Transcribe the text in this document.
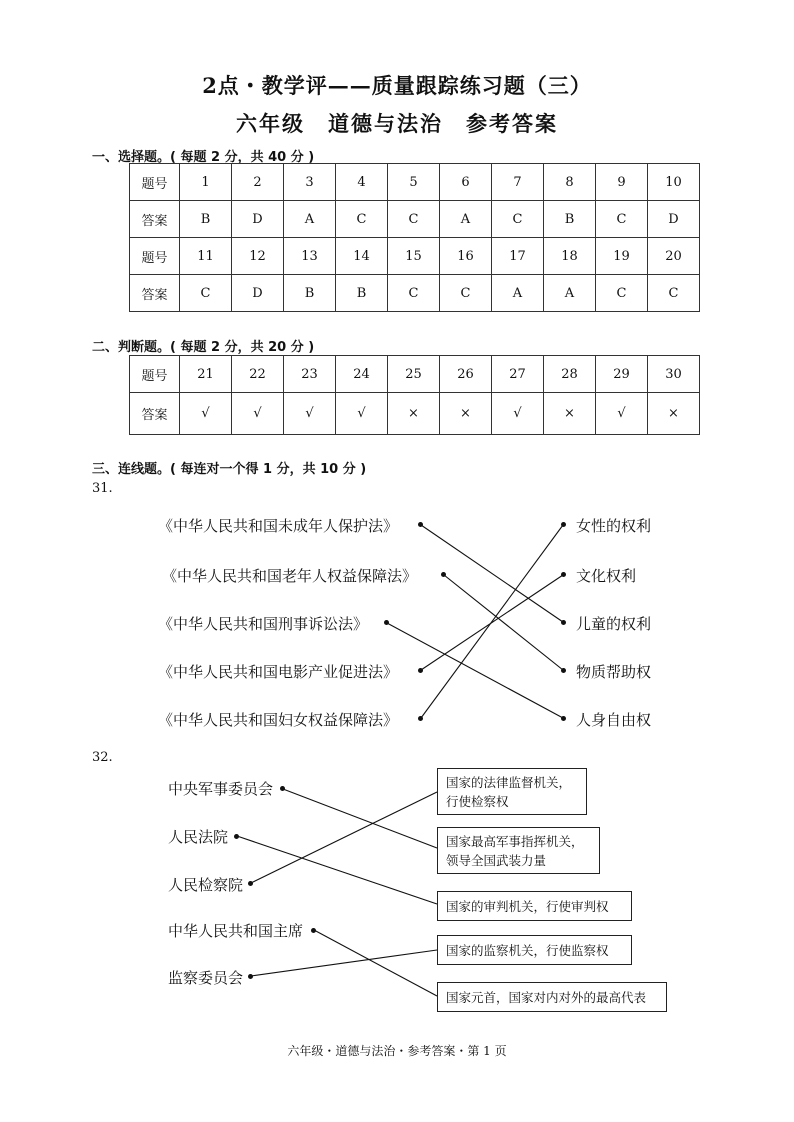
2点・教学评——质量跟踪练习题（三）
六年级　道德与法治　参考答案
一、选择题。( 每题 2 分，共 40 分 )
题号	1	2	3	4	5	6	7	8	9	10
答案	B	D	A	C	C	A	C	B	C	D
题号	11	12	13	14	15	16	17	18	19	20
答案	C	D	B	B	C	C	A	A	C	C
二、判断题。( 每题 2 分，共 20 分 )
题号	21	22	23	24	25	26	27	28	29	30
答案	√	√	√	√	×	×	√	×	√	×
三、连线题。( 每连对一个得 1 分，共 10 分 )
31.
《中华人民共和国未成年人保护法》
《中华人民共和国老年人权益保障法》
《中华人民共和国刑事诉讼法》
《中华人民共和国电影产业促进法》
《中华人民共和国妇女权益保障法》
女性的权利
文化权利
儿童的权利
物质帮助权
人身自由权
32.
中央军事委员会
人民法院
人民检察院
中华人民共和国主席
监察委员会
国家的法律监督机关，
行使检察权
国家最高军事指挥机关，
领导全国武装力量
国家的审判机关，行使审判权
国家的监察机关，行使监察权
国家元首，国家对内对外的最高代表
六年级・道德与法治・参考答案・第 1 页
